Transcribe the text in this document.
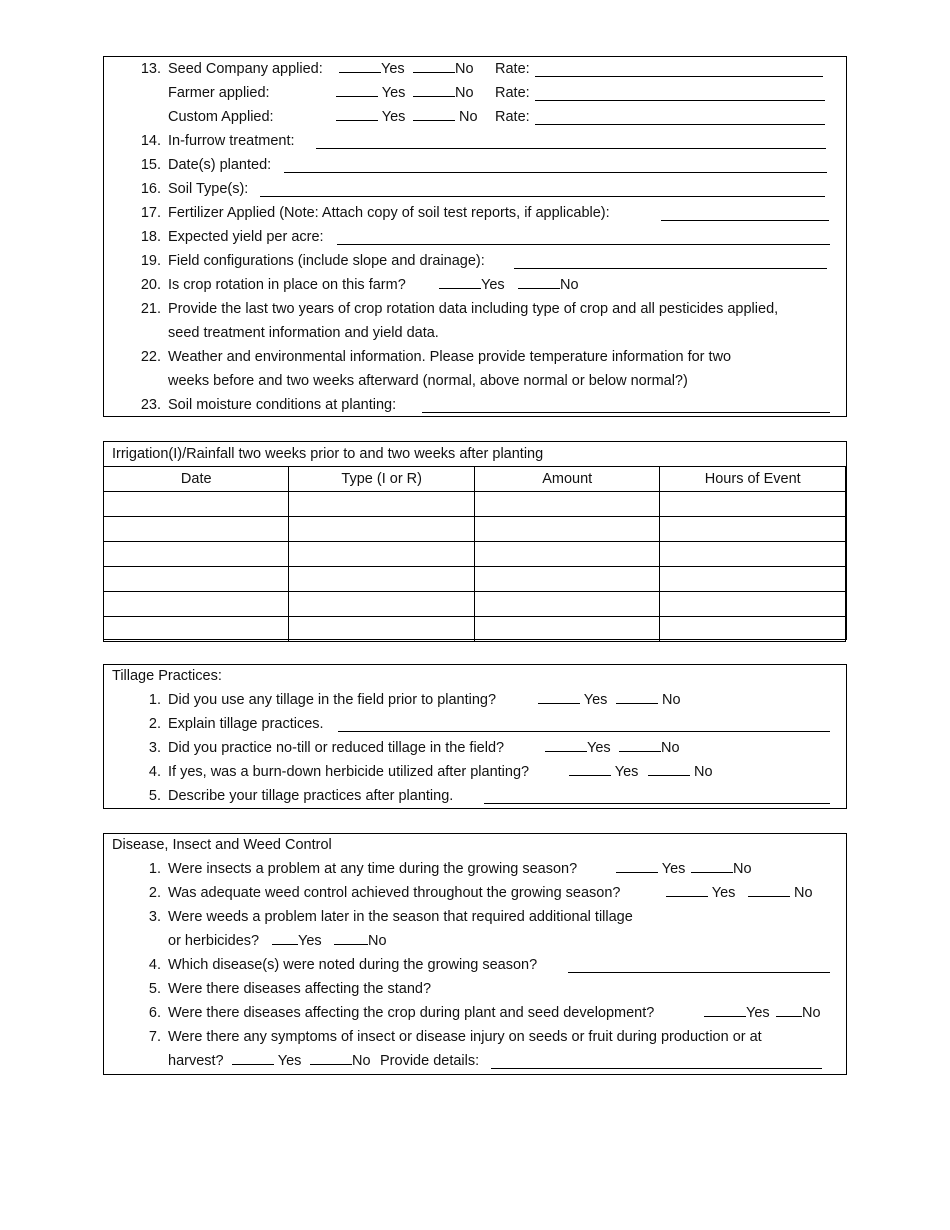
13. Seed Company applied:	Yes	No Rate:
Farmer applied:	Yes	No Rate:
Custom Applied:	Yes	No Rate:
14. In-furrow treatment:
15. Date(s) planted:
16. Soil Type(s):
17. Fertilizer Applied (Note: Attach copy of soil test reports, if applicable):
18. Expected yield per acre:
19. Field configurations (include slope and drainage):
20. Is crop rotation in place on this farm?	Yes	No
21. Provide the last two years of crop rotation data including type of crop and all pesticides applied,
seed treatment information and yield data.
22. Weather and environmental information. Please provide temperature information for two
weeks before and two weeks afterward (normal, above normal or below normal?)
23. Soil moisture conditions at planting:
Irrigation(I)/Rainfall two weeks prior to and two weeks after planting
Date	Type (I or R)	Amount	Hours of Event

Tillage Practices:
1. Did you use any tillage in the field prior to planting?	Yes	No
2. Explain tillage practices.
3. Did you practice no-till or reduced tillage in the field?	Yes	No
4. If yes, was a burn-down herbicide utilized after planting?	Yes	No
5. Describe your tillage practices after planting.
Disease, Insect and Weed Control
1. Were insects a problem at any time during the growing season?	Yes	No
2. Was adequate weed control achieved throughout the growing season?	Yes	No
3. Were weeds a problem later in the season that required additional tillage
or herbicides?	Yes	No
4. Which disease(s) were noted during the growing season?
5. Were there diseases affecting the stand?
6. Were there diseases affecting the crop during plant and seed development?	Yes	No
7. Were there any symptoms of insect or disease injury on seeds or fruit during production or at
harvest?	Yes	No Provide details:
